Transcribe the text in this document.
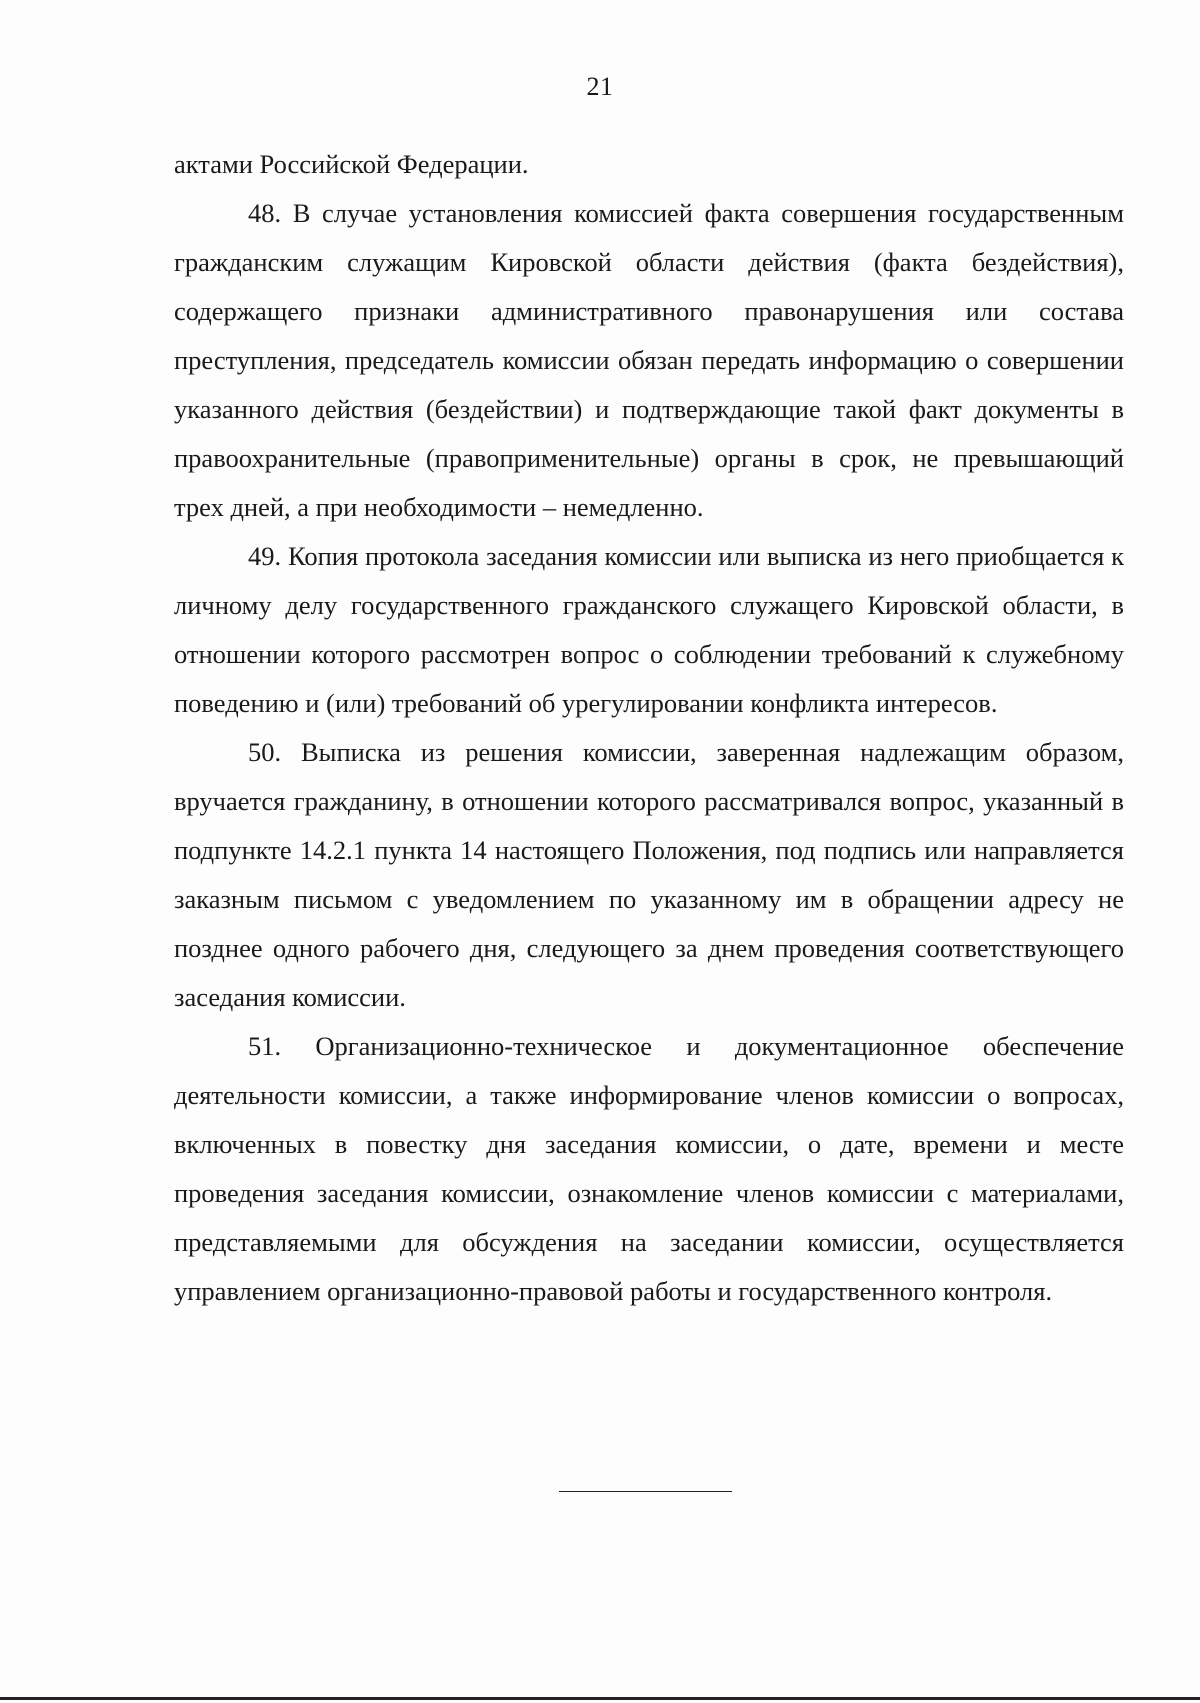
21

актами Российской Федерации.

48. В случае установления комиссией факта совершения государственным гражданским служащим Кировской области действия (факта бездействия), содержащего признаки административного правонарушения или состава преступления, председатель комиссии обязан передать информацию о совершении указанного действия (бездействии) и подтверждающие такой факт документы в правоохранительные (правоприменительные) органы в срок, не превышающий трех дней, а при необходимости – немедленно.

49. Копия протокола заседания комиссии или выписка из него приобщается к личному делу государственного гражданского служащего Кировской области, в отношении которого рассмотрен вопрос о соблюдении требований к служебному поведению и (или) требований об урегулировании конфликта интересов.

50. Выписка из решения комиссии, заверенная надлежащим образом, вручается гражданину, в отношении которого рассматривался вопрос, указанный в подпункте 14.2.1 пункта 14 настоящего Положения, под подпись или направляется заказным письмом с уведомлением по указанному им в обращении адресу не позднее одного рабочего дня, следующего за днем проведения соответствующего заседания комиссии.

51. Организационно-техническое и документационное обеспечение деятельности комиссии, а также информирование членов комиссии о вопросах, включенных в повестку дня заседания комиссии, о дате, времени и месте проведения заседания комиссии, ознакомление членов комиссии с материалами, представляемыми для обсуждения на заседании комиссии, осуществляется управлением организационно-правовой работы и государственного контроля.
